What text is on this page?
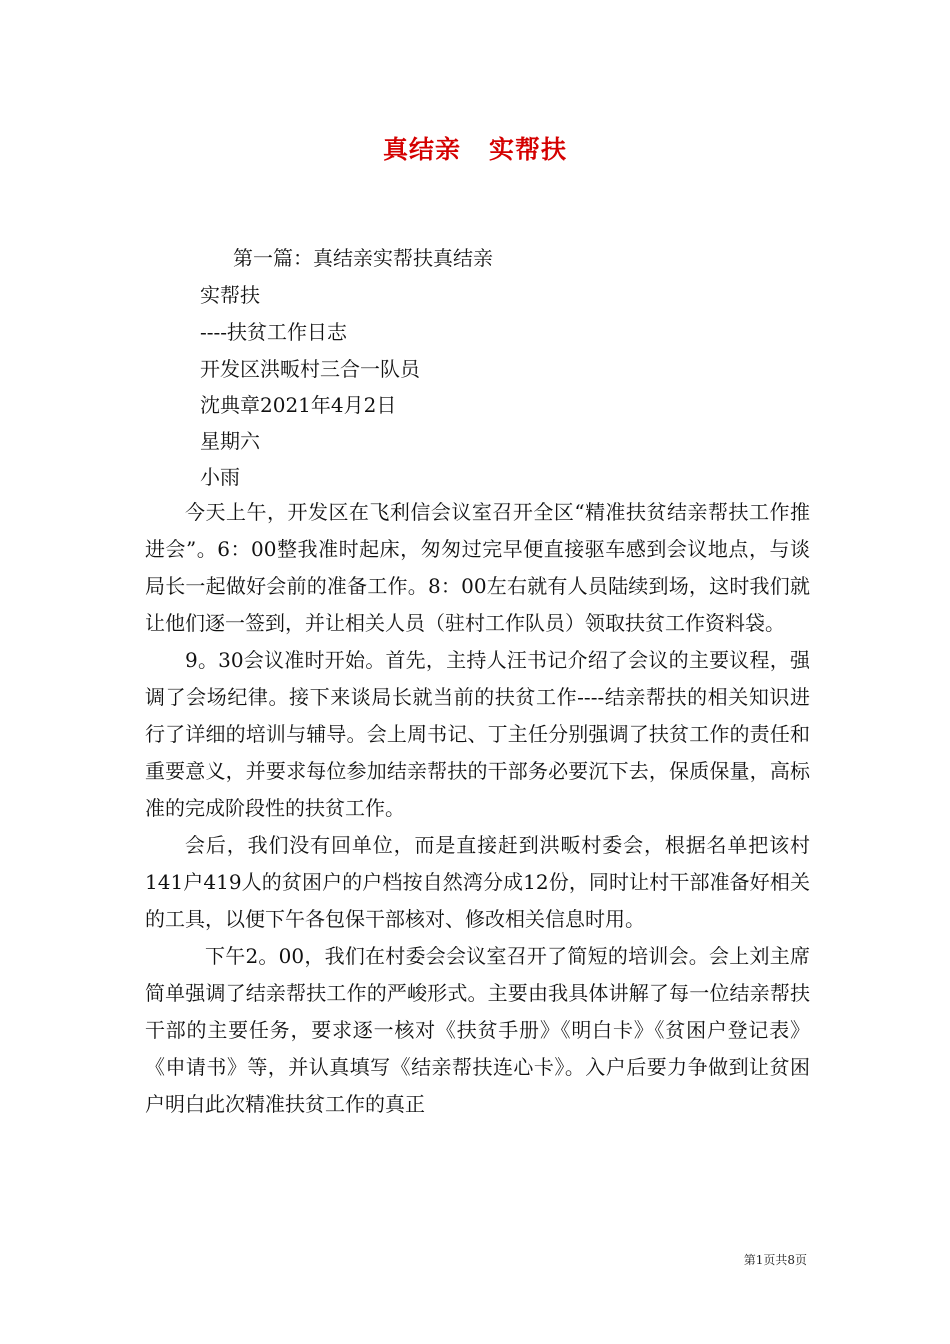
真结亲 实帮扶
第一篇：真结亲实帮扶真结亲
实帮扶
----扶贫工作日志
开发区洪畈村三合一队员
沈典章2021年4月2日
星期六
小雨

今天上午，开发区在飞利信会议室召开全区“精准扶贫结亲帮扶工作推进会”。6：00整我准时起床，匆匆过完早便直接驱车感到会议地点，与谈局长一起做好会前的准备工作。8：00左右就有人员陆续到场，这时我们就让他们逐一签到，并让相关人员（驻村工作队员）领取扶贫工作资料袋。

9。30会议准时开始。首先，主持人汪书记介绍了会议的主要议程，强调了会场纪律。接下来谈局长就当前的扶贫工作----结亲帮扶的相关知识进行了详细的培训与辅导。会上周书记、丁主任分别强调了扶贫工作的责任和重要意义，并要求每位参加结亲帮扶的干部务必要沉下去，保质保量，高标准的完成阶段性的扶贫工作。

会后，我们没有回单位，而是直接赶到洪畈村委会，根据名单把该村141户419人的贫困户的户档按自然湾分成12份，同时让村干部准备好相关的工具，以便下午各包保干部核对、修改相关信息时用。

下午2。00，我们在村委会会议室召开了简短的培训会。会上刘主席简单强调了结亲帮扶工作的严峻形式。主要由我具体讲解了每一位结亲帮扶干部的主要任务，要求逐一核对《扶贫手册》《明白卡》《贫困户登记表》《申请书》等，并认真填写《结亲帮扶连心卡》。入户后要力争做到让贫困户明白此次精准扶贫工作的真正

第1页共8页
